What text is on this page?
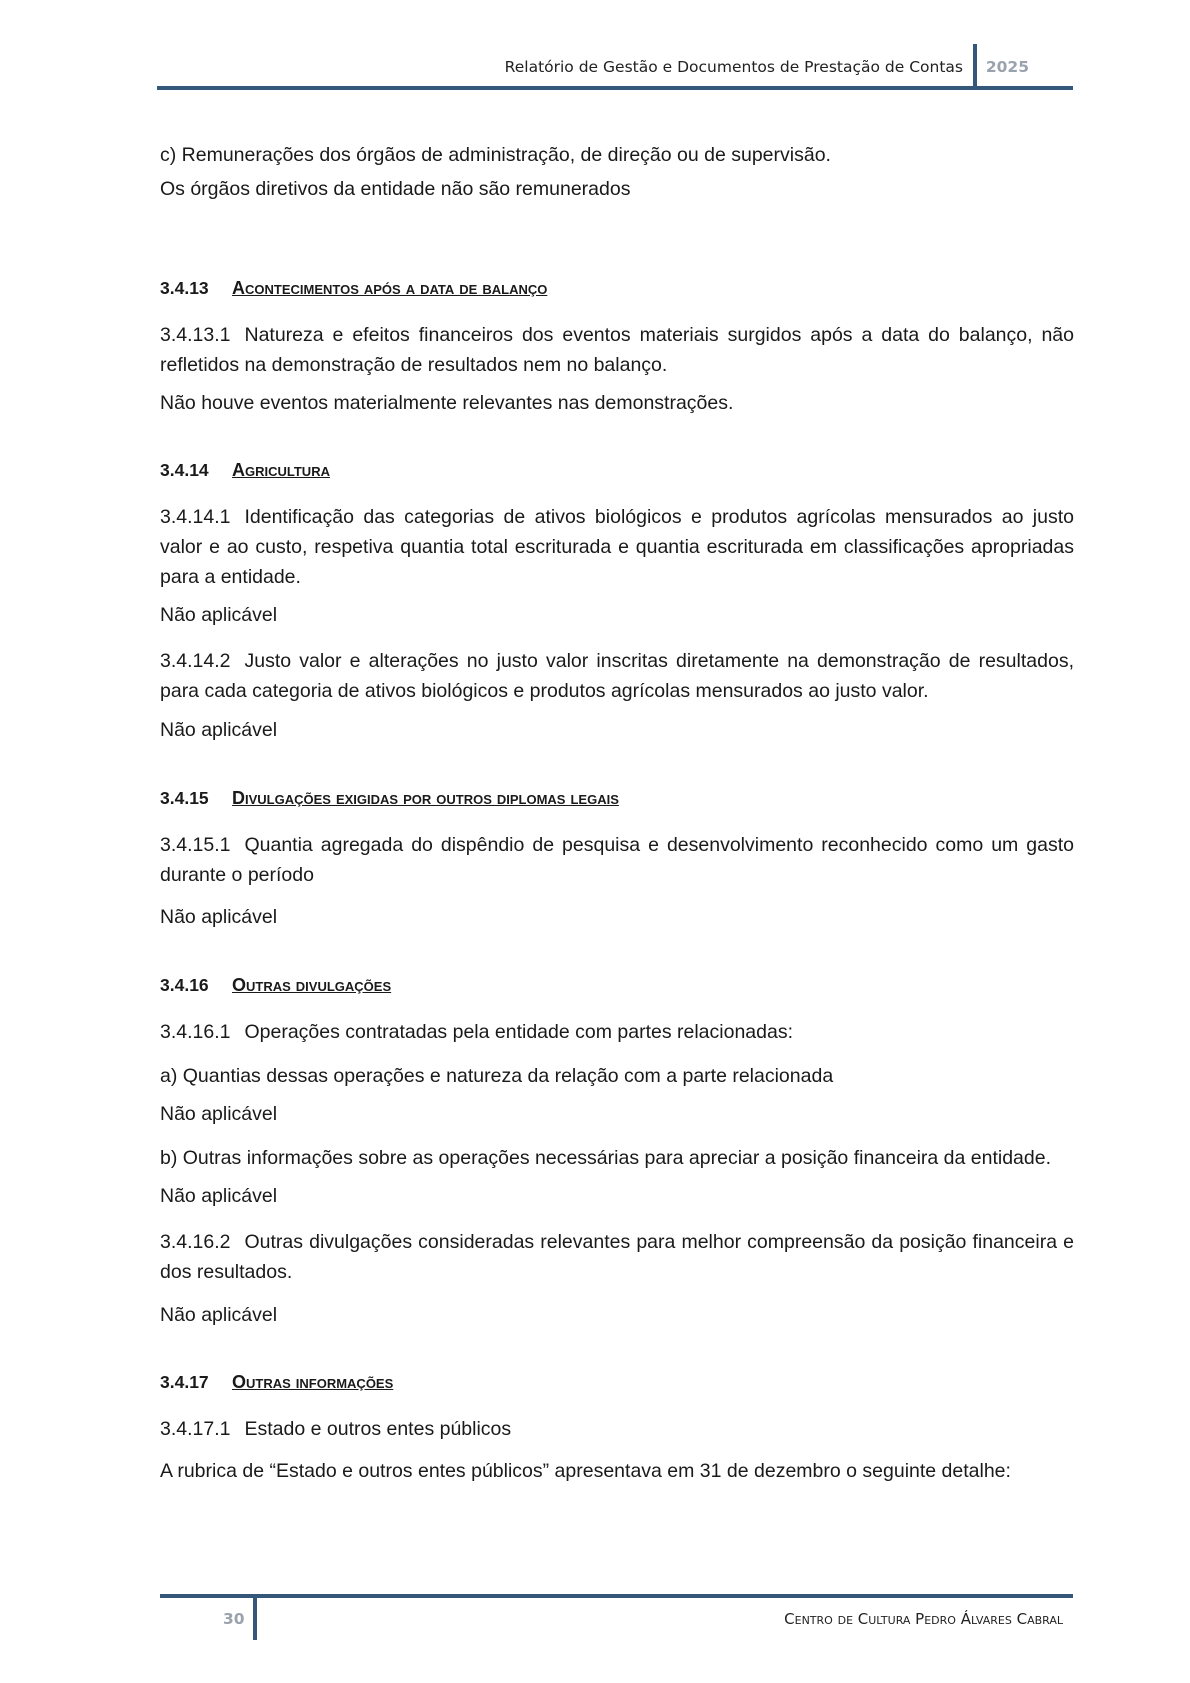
Relatório de Gestão e Documentos de Prestação de Contas 2025

c) Remunerações dos órgãos de administração, de direção ou de supervisão.

Os órgãos diretivos da entidade não são remunerados

3.4.13 Acontecimentos após a data de balanço

3.4.13.1 Natureza e efeitos financeiros dos eventos materiais surgidos após a data do balanço, não refletidos na demonstração de resultados nem no balanço.

Não houve eventos materialmente relevantes nas demonstrações.

3.4.14 Agricultura

3.4.14.1 Identificação das categorias de ativos biológicos e produtos agrícolas mensurados ao justo valor e ao custo, respetiva quantia total escriturada e quantia escriturada em classificações apropriadas para a entidade.

Não aplicável

3.4.14.2 Justo valor e alterações no justo valor inscritas diretamente na demonstração de resultados, para cada categoria de ativos biológicos e produtos agrícolas mensurados ao justo valor.

Não aplicável

3.4.15 Divulgações exigidas por outros diplomas legais

3.4.15.1 Quantia agregada do dispêndio de pesquisa e desenvolvimento reconhecido como um gasto durante o período

Não aplicável

3.4.16 Outras divulgações

3.4.16.1 Operações contratadas pela entidade com partes relacionadas:

a) Quantias dessas operações e natureza da relação com a parte relacionada

Não aplicável

b) Outras informações sobre as operações necessárias para apreciar a posição financeira da entidade.

Não aplicável

3.4.16.2 Outras divulgações consideradas relevantes para melhor compreensão da posição financeira e dos resultados.

Não aplicável

3.4.17 Outras informações

3.4.17.1 Estado e outros entes públicos

A rubrica de “Estado e outros entes públicos” apresentava em 31 de dezembro o seguinte detalhe:

30	Centro de Cultura Pedro Álvares Cabral
